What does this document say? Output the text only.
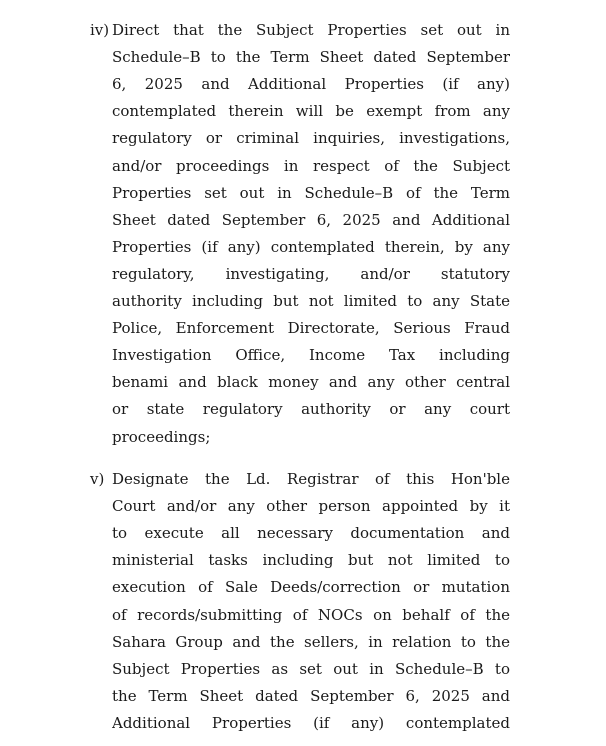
iv) Direct that the Subject Properties set out in
Schedule–B to the Term Sheet dated September
6, 2025 and Additional Properties (if any)
contemplated therein will be exempt from any
regulatory or criminal inquiries, investigations,
and/or proceedings in respect of the Subject
Properties set out in Schedule–B of the Term
Sheet dated September 6, 2025 and Additional
Properties (if any) contemplated therein, by any
regulatory, investigating, and/or statutory
authority including but not limited to any State
Police, Enforcement Directorate, Serious Fraud
Investigation Office, Income Tax including
benami and black money and any other central
or state regulatory authority or any court
proceedings;
v) Designate the Ld. Registrar of this Hon'ble
Court and/or any other person appointed by it
to execute all necessary documentation and
ministerial tasks including but not limited to
execution of Sale Deeds/correction or mutation
of records/submitting of NOCs on behalf of the
Sahara Group and the sellers, in relation to the
Subject Properties as set out in Schedule–B to
the Term Sheet dated September 6, 2025 and
Additional Properties (if any) contemplated
